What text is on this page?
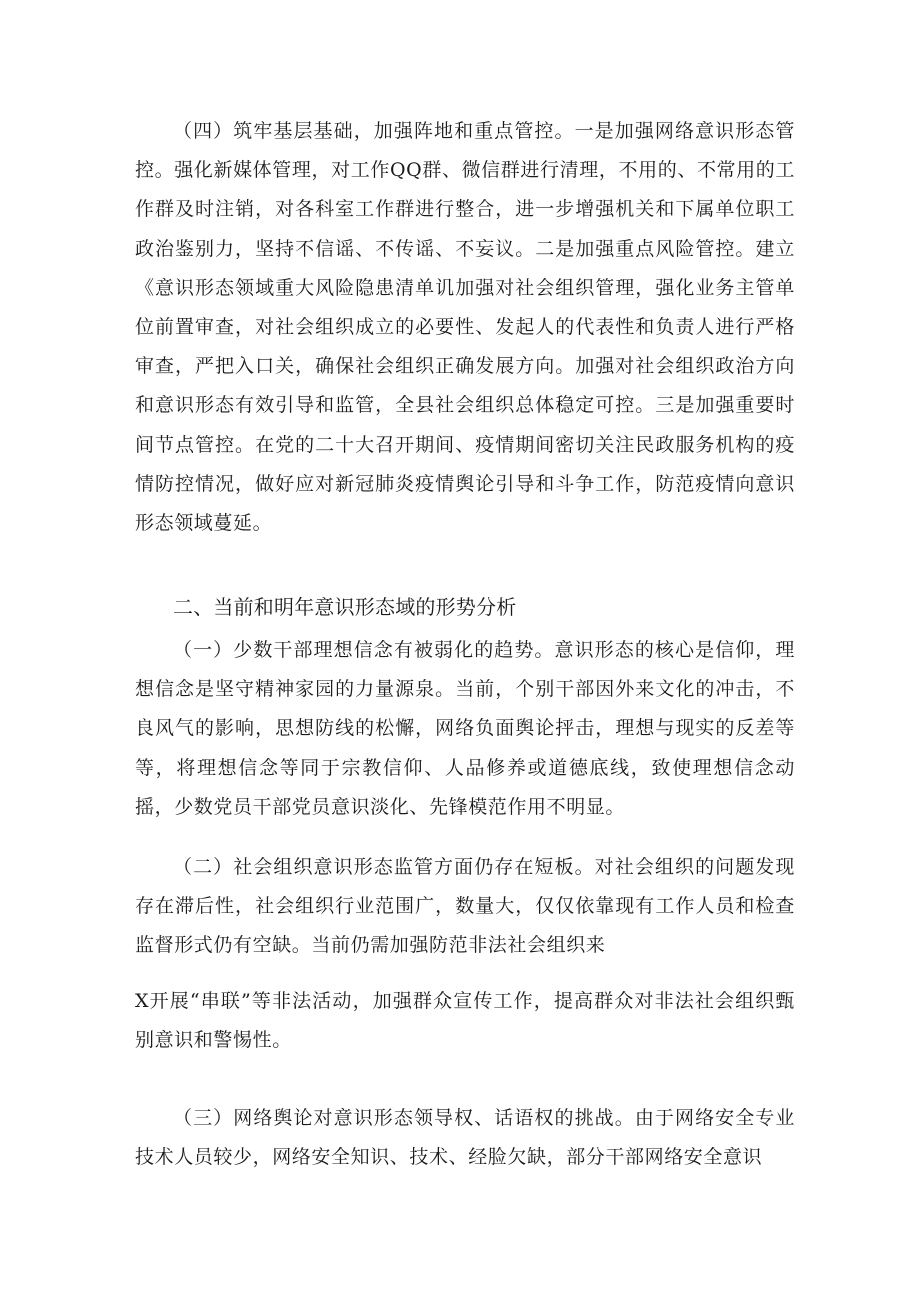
（四）筑牢基层基础，加强阵地和重点管控。一是加强网络意识形态管控。强化新媒体管理，对工作QQ群、微信群进行清理，不用的、不常用的工作群及时注销，对各科室工作群进行整合，进一步增强机关和下属单位职工政治鉴别力，坚持不信谣、不传谣、不妄议。二是加强重点风险管控。建立《意识形态领域重大风险隐患清单讥加强对社会组织管理，强化业务主管单位前置审查，对社会组织成立的必要性、发起人的代表性和负责人进行严格审查，严把入口关，确保社会组织正确发展方向。加强对社会组织政治方向和意识形态有效引导和监管，全县社会组织总体稳定可控。三是加强重要时间节点管控。在党的二十大召开期间、疫情期间密切关注民政服务机构的疫情防控情况，做好应对新冠肺炎疫情舆论引导和斗争工作，防范疫情向意识形态领域蔓延。

二、当前和明年意识形态域的形势分析

（一）少数干部理想信念有被弱化的趋势。意识形态的核心是信仰，理想信念是坚守精神家园的力量源泉。当前，个别干部因外来文化的冲击，不良风气的影响，思想防线的松懈，网络负面舆论抨击，理想与现实的反差等等，将理想信念等同于宗教信仰、人品修养或道德底线，致使理想信念动摇，少数党员干部党员意识淡化、先锋模范作用不明显。

（二）社会组织意识形态监管方面仍存在短板。对社会组织的问题发现存在滞后性，社会组织行业范围广，数量大，仅仅依靠现有工作人员和检查监督形式仍有空缺。当前仍需加强防范非法社会组织来

X开展“串联”等非法活动，加强群众宣传工作，提高群众对非法社会组织甄别意识和警惕性。

（三）网络舆论对意识形态领导权、话语权的挑战。由于网络安全专业技术人员较少，网络安全知识、技术、经脸欠缺，部分干部网络安全意识
